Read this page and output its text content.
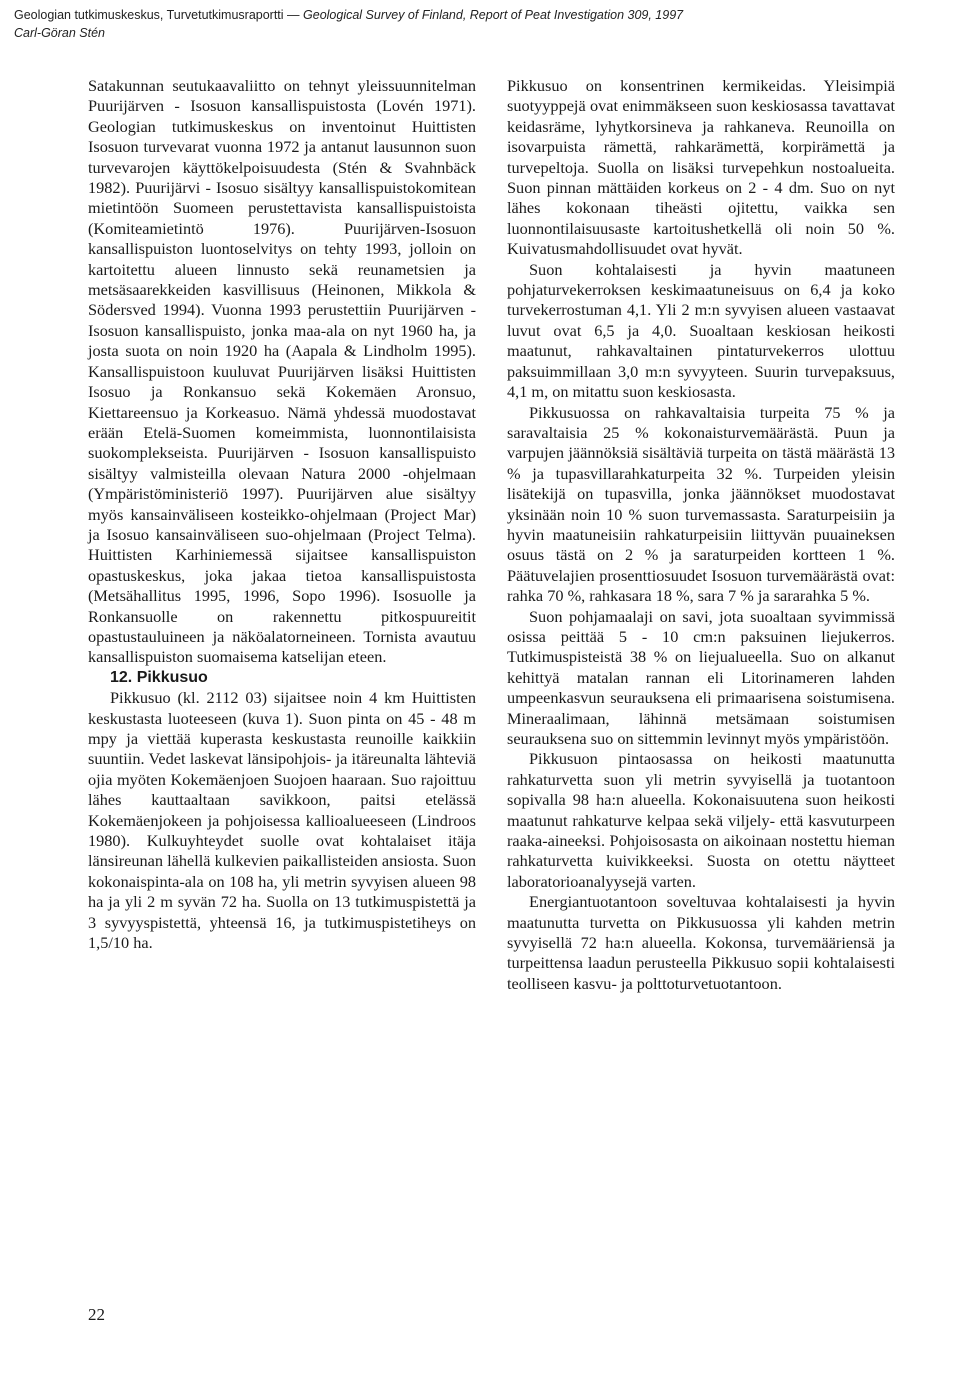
Geologian tutkimuskeskus, Turvetutkimusraportti — Geological Survey of Finland, Report of Peat Investigation 309, 1997
Carl-Göran Stén

Satakunnan seutukaavaliitto on tehnyt yleissuunnitelman Puurijärven - Isosuon kansallispuistosta (Lovén 1971). Geologian tutkimuskeskus on inventoinut Huittisten Isosuon turvevarat vuonna 1972 ja antanut lausunnon suon turvevarojen käyttökelpoisuudesta (Stén & Svahnbäck 1982). Puurijärvi - Isosuo sisältyy kansallispuistokomitean mietintöön Suomeen perustettavista kansallispuistoista (Komiteamietintö 1976). Puurijärven-Isosuon kansallispuiston luontoselvitys on tehty 1993, jolloin on kartoitettu alueen linnusto sekä reunametsien ja metsäsaarekkeiden kasvillisuus (Heinonen, Mikkola & Södersved 1994). Vuonna 1993 perustettiin Puurijärven - Isosuon kansallispuisto, jonka maa-ala on nyt 1960 ha, ja josta suota on noin 1920 ha (Aapala & Lindholm 1995). Kansallispuistoon kuuluvat Puurijärven lisäksi Huittisten Isosuo ja Ronkansuo sekä Kokemäen Aronsuo, Kiettareensuo ja Korkeasuo. Nämä yhdessä muodostavat erään Etelä-Suomen komeimmista, luonnontilaisista suokomplekseista. Puurijärven - Isosuon kansallispuisto sisältyy valmisteilla olevaan Natura 2000 -ohjelmaan (Ympäristöministeriö 1997). Puurijärven alue sisältyy myös kansainväliseen kosteikko-ohjelmaan (Project Mar) ja Isosuo kansainväliseen suo-ohjelmaan (Project Telma). Huittisten Karhiniemessä sijaitsee kansallispuiston opastuskeskus, joka jakaa tietoa kansallispuistosta (Metsähallitus 1995, 1996, Sopo 1996). Isosuolle ja Ronkansuolle on rakennettu pitkospuureitit opastustauluineen ja näköalatorneineen. Tornista avautuu kansallispuiston suomaisema katselijan eteen.

12. Pikkusuo

Pikkusuo (kl. 2112 03) sijaitsee noin 4 km Huittisten keskustasta luoteeseen (kuva 1). Suon pinta on 45 - 48 m mpy ja viettää kuperasta keskustasta reunoille kaikkiin suuntiin. Vedet laskevat länsipohjois- ja itäreunalta lähteviä ojia myöten Kokemäenjoen Suojoen haaraan. Suo rajoittuu lähes kauttaaltaan savikkoon, paitsi etelässä Kokemäenjokeen ja pohjoisessa kallioalueeseen (Lindroos 1980). Kulkuyhteydet suolle ovat kohtalaiset itäja länsireunan lähellä kulkevien paikallisteiden ansiosta. Suon kokonaispinta-ala on 108 ha, yli metrin syvyisen alueen 98 ha ja yli 2 m syvän 72 ha. Suolla on 13 tutkimuspistettä ja 3 syvyyspistettä, yhteensä 16, ja tutkimuspistetiheys on 1,5/10 ha.

Pikkusuo on konsentrinen kermikeidas. Yleisimpiä suotyyppejä ovat enimmäkseen suon keskiosassa tavattavat keidasräme, lyhytkorsineva ja rahkaneva. Reunoilla on isovarpuista rämettä, rahkarämettä, korpirämettä ja turvepeltoja. Suolla on lisäksi turvepehkun nostoalueita. Suon pinnan mättäiden korkeus on 2 - 4 dm. Suo on nyt lähes kokonaan tiheästi ojitettu, vaikka sen luonnontilaisuusaste kartoitushetkellä oli noin 50 %. Kuivatusmahdollisuudet ovat hyvät.

Suon kohtalaisesti ja hyvin maatuneen pohjaturvekerroksen keskimaatuneisuus on 6,4 ja koko turvekerrostuman 4,1. Yli 2 m:n syvyisen alueen vastaavat luvut ovat 6,5 ja 4,0. Suoaltaan keskiosan heikosti maatunut, rahkavaltainen pintaturvekerros ulottuu paksuimmillaan 3,0 m:n syvyyteen. Suurin turvepaksuus, 4,1 m, on mitattu suon keskiosasta.

Pikkusuossa on rahkavaltaisia turpeita 75 % ja saravaltaisia 25 % kokonaisturvemäärästä. Puun ja varpujen jäännöksiä sisältäviä turpeita on tästä määrästä 13 % ja tupasvillarahkaturpeita 32 %. Turpeiden yleisin lisätekijä on tupasvilla, jonka jäännökset muodostavat yksinään noin 10 % suon turvemassasta. Saraturpeisiin ja hyvin maatuneisiin rahkaturpeisiin liittyvän puuaineksen osuus tästä on 2 % ja saraturpeiden kortteen 1 %. Päätuvelajien prosenttiosuudet Isosuon turvemäärästä ovat: rahka 70 %, rahkasara 18 %, sara 7 % ja sararahka 5 %.

Suon pohjamaalaji on savi, jota suoaltaan syvimmissä osissa peittää 5 - 10 cm:n paksuinen liejukerros. Tutkimuspisteistä 38 % on liejualueella. Suo on alkanut kehittyä matalan rannan eli Litorinameren lahden umpeenkasvun seurauksena eli primaarisena soistumisena. Mineraalimaan, lähinnä metsämaan soistumisen seurauksena suo on sittemmin levinnyt myös ympäristöön.

Pikkusuon pintaosassa on heikosti maatunutta rahkaturvetta suon yli metrin syvyisellä ja tuotantoon sopivalla 98 ha:n alueella. Kokonaisuutena suon heikosti maatunut rahkaturve kelpaa sekä viljely- että kasvuturpeen raaka-aineeksi. Pohjoisosasta on aikoinaan nostettu hieman rahkaturvetta kuivikkeeksi. Suosta on otettu näytteet laboratorioanalyysejä varten.

Energiantuotantoon soveltuvaa kohtalaisesti ja hyvin maatunutta turvetta on Pikkusuossa yli kahden metrin syvyisellä 72 ha:n alueella. Kokonsa, turvemääriensä ja turpeittensa laadun perusteella Pikkusuo sopii kohtalaisesti teolliseen kasvu- ja polttoturvetuotantoon.

22
